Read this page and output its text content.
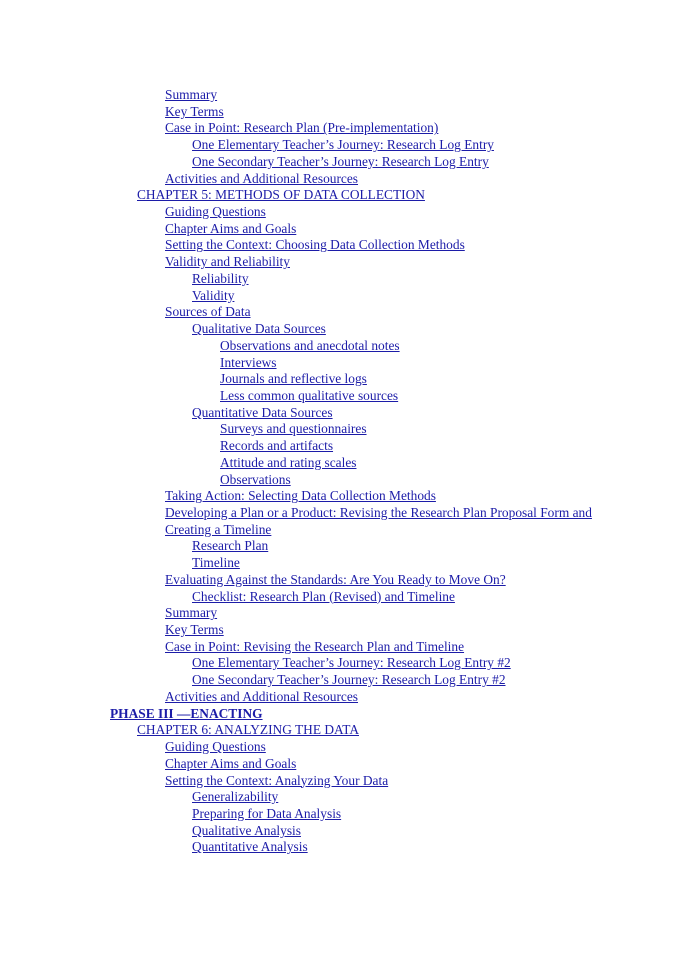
Summary
Key Terms
Case in Point: Research Plan (Pre-implementation)
One Elementary Teacher’s Journey: Research Log Entry
One Secondary Teacher’s Journey: Research Log Entry
Activities and Additional Resources
CHAPTER 5: METHODS OF DATA COLLECTION
Guiding Questions
Chapter Aims and Goals
Setting the Context: Choosing Data Collection Methods
Validity and Reliability
Reliability
Validity
Sources of Data
Qualitative Data Sources
Observations and anecdotal notes
Interviews
Journals and reflective logs
Less common qualitative sources
Quantitative Data Sources
Surveys and questionnaires
Records and artifacts
Attitude and rating scales
Observations
Taking Action: Selecting Data Collection Methods
Developing a Plan or a Product: Revising the Research Plan Proposal Form and
Creating a Timeline
Research Plan
Timeline
Evaluating Against the Standards: Are You Ready to Move On?
Checklist: Research Plan (Revised) and Timeline
Summary
Key Terms
Case in Point: Revising the Research Plan and Timeline
One Elementary Teacher’s Journey: Research Log Entry #2
One Secondary Teacher’s Journey: Research Log Entry #2
Activities and Additional Resources
PHASE III —ENACTING
CHAPTER 6: ANALYZING THE DATA
Guiding Questions
Chapter Aims and Goals
Setting the Context: Analyzing Your Data
Generalizability
Preparing for Data Analysis
Qualitative Analysis
Quantitative Analysis
